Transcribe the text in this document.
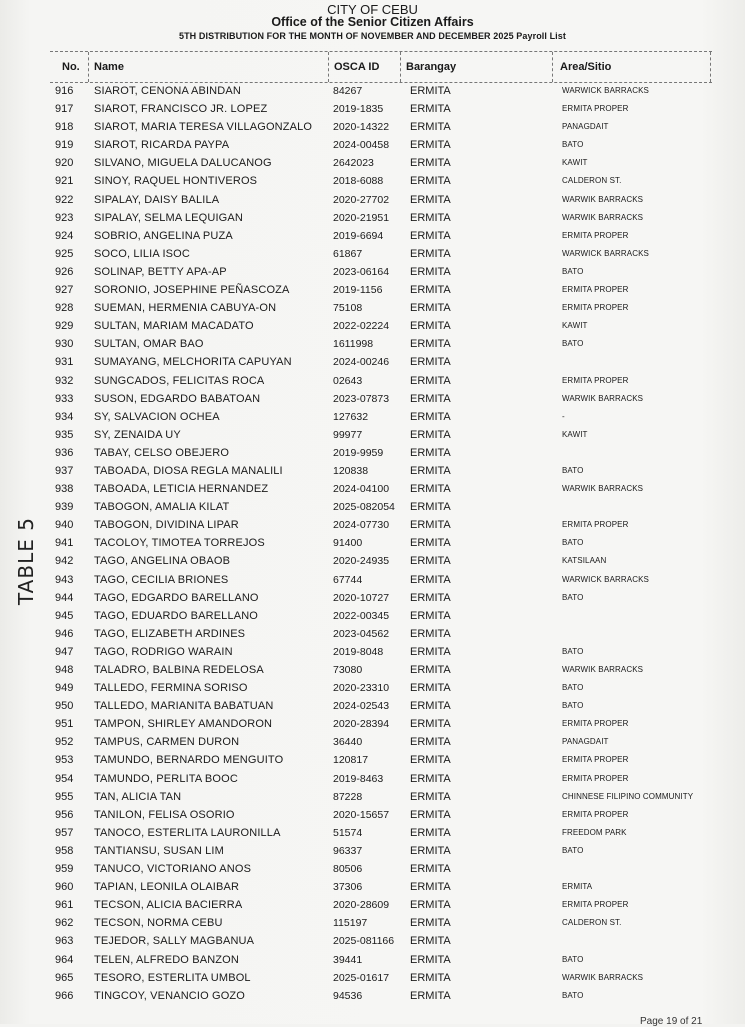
CITY OF CEBU
Office of the Senior Citizen Affairs
5TH DISTRIBUTION FOR THE MONTH OF NOVEMBER AND DECEMBER 2025 Payroll List
No. Name	OSCA ID Barangay	Area/Sitio
916	SIAROT, CENONA ABINDAN	84267	ERMITA	WARWICK BARRACKS
917	SIAROT, FRANCISCO JR. LOPEZ	2019-1835 ERMITA	ERMITA PROPER
918	SIAROT, MARIA TERESA VILLAGONZALO 2020-14322 ERMITA	PANAGDAIT
919	SIAROT, RICARDA PAYPA	2024-00458 ERMITA	BATO
920	SILVANO, MIGUELA DALUCANOG	2642023	ERMITA	KAWIT
921	SINOY, RAQUEL HONTIVEROS	2018-6088 ERMITA	CALDERON ST.
922	SIPALAY, DAISY BALILA	2020-27702 ERMITA	WARWIK BARRACKS
923	SIPALAY, SELMA LEQUIGAN	2020-21951 ERMITA	WARWIK BARRACKS
924	SOBRIO, ANGELINA PUZA	2019-6694 ERMITA	ERMITA PROPER
925	SOCO, LILIA ISOC	61867	ERMITA	WARWICK BARRACKS
926	SOLINAP, BETTY APA-AP	2023-06164 ERMITA	BATO
927	SORONIO, JOSEPHINE PEÑASCOZA	2019-1156	ERMITA	ERMITA PROPER
928	SUEMAN, HERMENIA CABUYA-ON	75108	ERMITA	ERMITA PROPER
929	SULTAN, MARIAM MACADATO	2022-02224 ERMITA	KAWIT
930	SULTAN, OMAR BAO	1611998	ERMITA	BATO
931	SUMAYANG, MELCHORITA CAPUYAN	2024-00246 ERMITA
932	SUNGCADOS, FELICITAS ROCA	02643	ERMITA	ERMITA PROPER
933	SUSON, EDGARDO BABATOAN	2023-07873 ERMITA	WARWIK BARRACKS
934	SY, SALVACION OCHEA	127632	ERMITA	-
935	SY, ZENAIDA UY	99977	ERMITA	KAWIT
936	TABAY, CELSO OBEJERO	2019-9959 ERMITA
937	TABOADA, DIOSA REGLA MANALILI	120838	ERMITA	BATO
938	TABOADA, LETICIA HERNANDEZ	2024-04100 ERMITA	WARWIK BARRACKS
939	TABOGON, AMALIA KILAT	2025-082054 ERMITA
940	TABOGON, DIVIDINA LIPAR	2024-07730 ERMITA	ERMITA PROPER
941	TACOLOY, TIMOTEA TORREJOS	91400	ERMITA	BATO
942	TAGO, ANGELINA OBAOB	2020-24935 ERMITA	KATSILAAN
943	TAGO, CECILIA BRIONES	67744	ERMITA	WARWICK BARRACKS
944	TAGO, EDGARDO BARELLANO	2020-10727 ERMITA	BATO
945	TAGO, EDUARDO BARELLANO	2022-00345 ERMITA
946	TAGO, ELIZABETH ARDINES	2023-04562 ERMITA
947	TAGO, RODRIGO WARAIN	2019-8048 ERMITA	BATO
948	TALADRO, BALBINA REDELOSA	73080	ERMITA	WARWIK BARRACKS
949	TALLEDO, FERMINA SORISO	2020-23310 ERMITA	BATO
950	TALLEDO, MARIANITA BABATUAN	2024-02543 ERMITA	BATO
951	TAMPON, SHIRLEY AMANDORON	2020-28394 ERMITA	ERMITA PROPER
952	TAMPUS, CARMEN DURON	36440	ERMITA	PANAGDAIT
953	TAMUNDO, BERNARDO MENGUITO	120817	ERMITA	ERMITA PROPER
954	TAMUNDO, PERLITA BOOC	2019-8463 ERMITA	ERMITA PROPER
955	TAN, ALICIA TAN	87228	ERMITA	CHINNESE FILIPINO COMMUNITY
956	TANILON, FELISA OSORIO	2020-15657 ERMITA	ERMITA PROPER
957	TANOCO, ESTERLITA LAURONILLA	51574	ERMITA	FREEDOM PARK
958	TANTIANSU, SUSAN LIM	96337	ERMITA	BATO
959	TANUCO, VICTORIANO ANOS	80506	ERMITA
960	TAPIAN, LEONILA OLAIBAR	37306	ERMITA	ERMITA
961	TECSON, ALICIA BACIERRA	2020-28609 ERMITA	ERMITA PROPER
962	TECSON, NORMA CEBU	115197	ERMITA	CALDERON ST.
963	TEJEDOR, SALLY MAGBANUA	2025-081166 ERMITA
964	TELEN, ALFREDO BANZON	39441	ERMITA	BATO
965	TESORO, ESTERLITA UMBOL	2025-01617 ERMITA	WARWIK BARRACKS
966	TINGCOY, VENANCIO GOZO	94536	ERMITA	BATO
TABLE 5
Page 19 of 21
